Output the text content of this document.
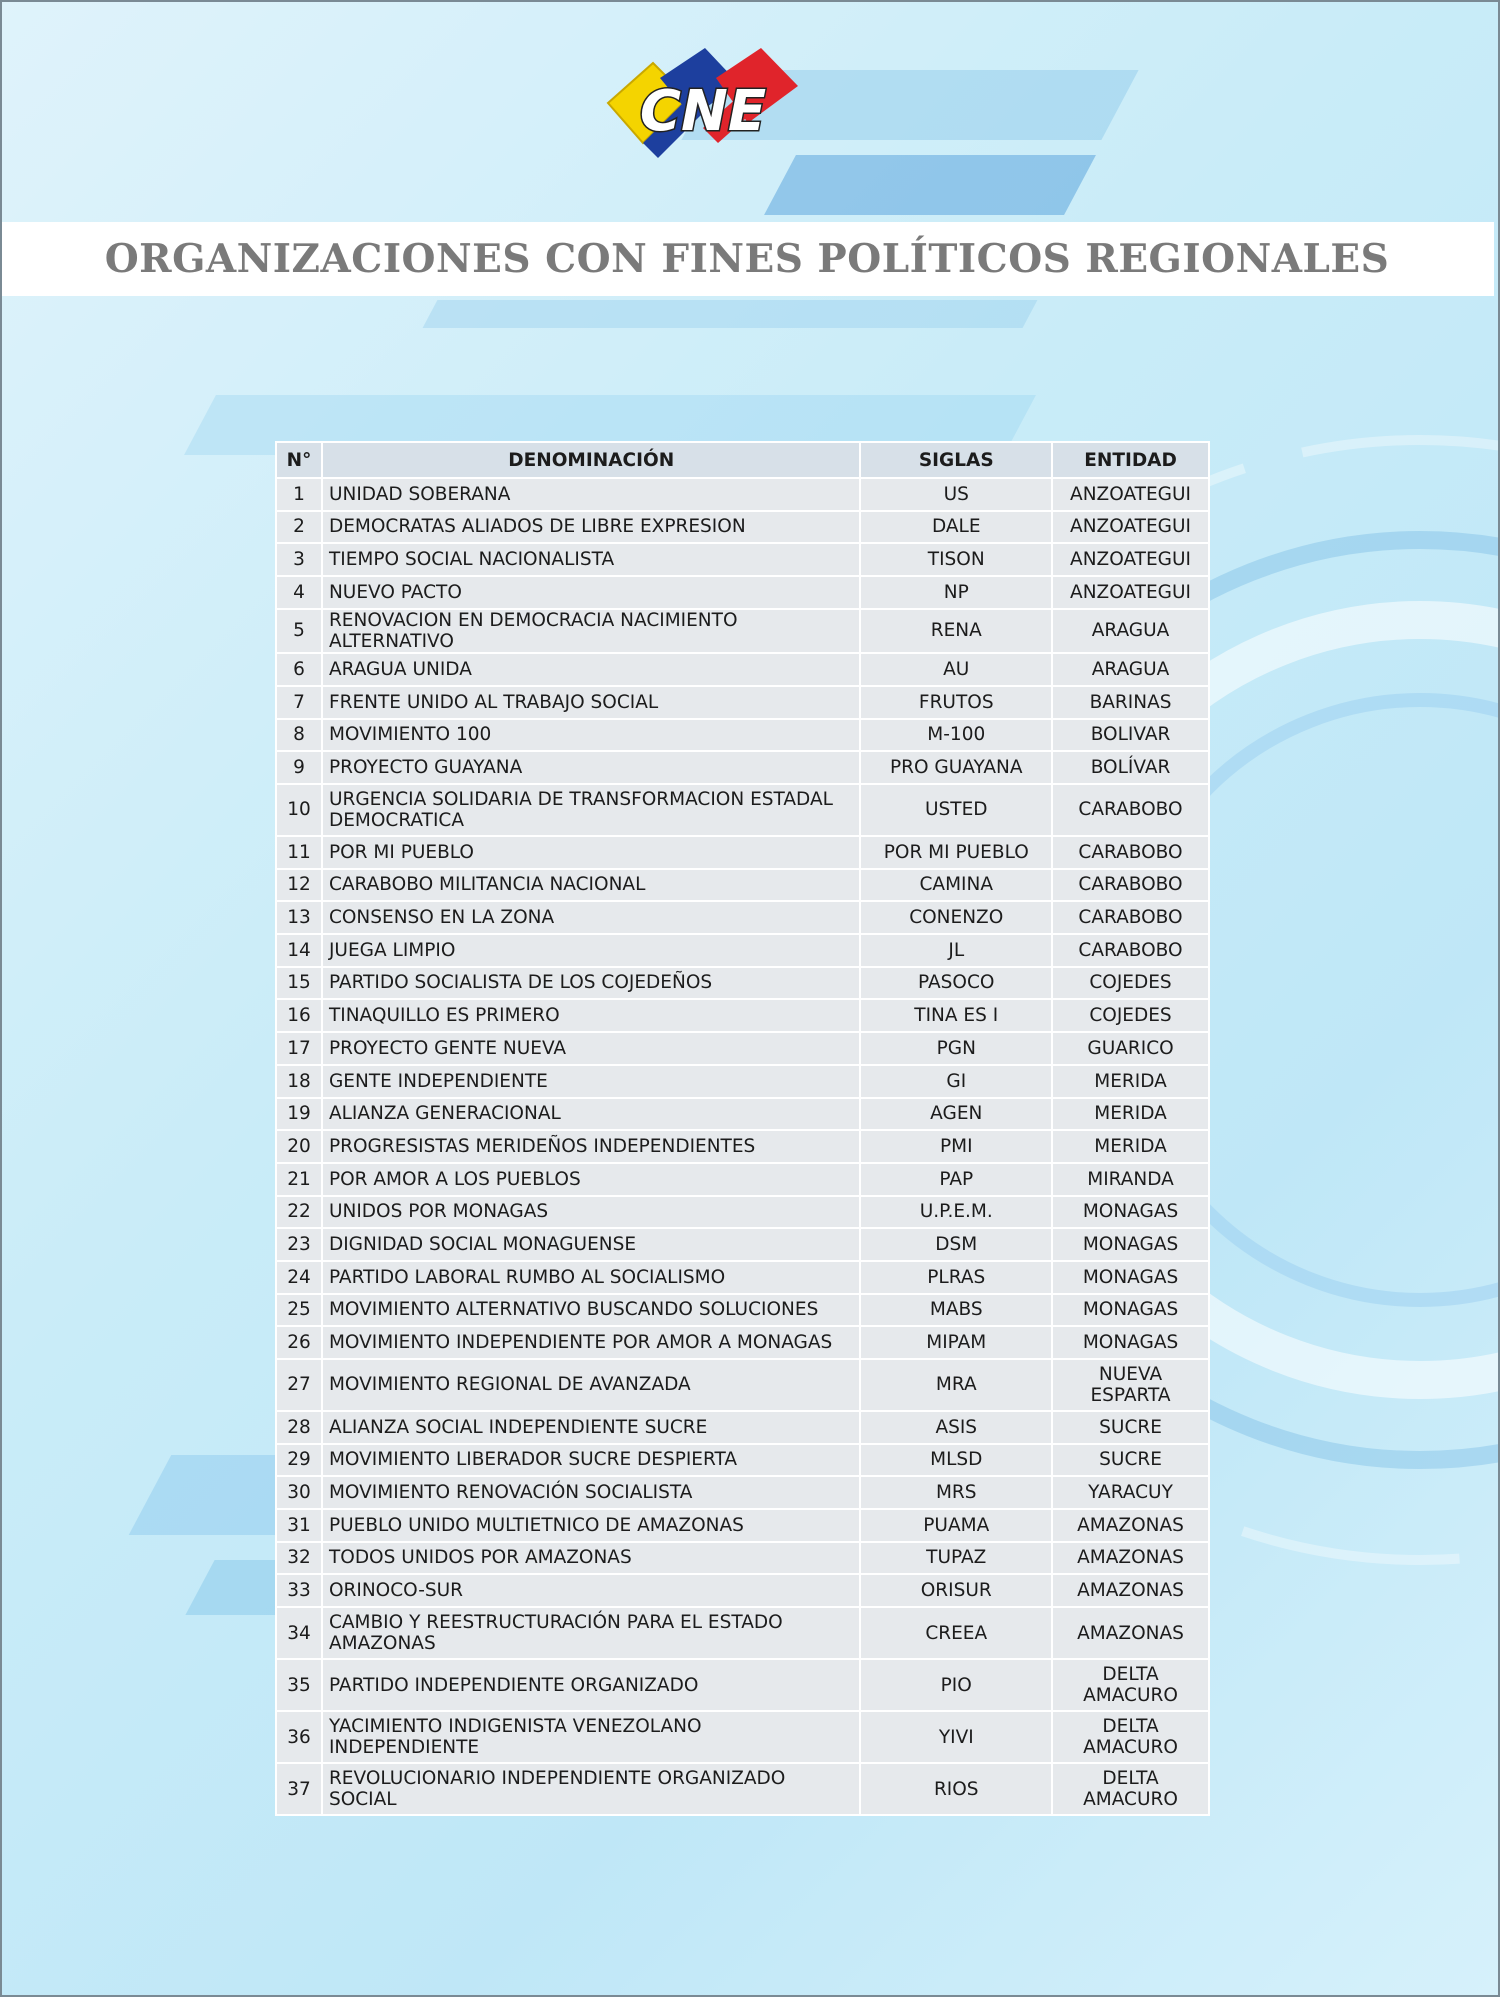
CNE
ORGANIZACIONES CON FINES POLÍTICOS REGIONALES
N°	DENOMINACIÓN	SIGLAS	ENTIDAD
1	UNIDAD SOBERANA	US	ANZOATEGUI
2	DEMOCRATAS ALIADOS DE LIBRE EXPRESION	DALE	ANZOATEGUI
3	TIEMPO SOCIAL NACIONALISTA	TISON	ANZOATEGUI
4	NUEVO PACTO	NP	ANZOATEGUI
5	RENOVACION EN DEMOCRACIA NACIMIENTO ALTERNATIVO	RENA	ARAGUA
6	ARAGUA UNIDA	AU	ARAGUA
7	FRENTE UNIDO AL TRABAJO SOCIAL	FRUTOS	BARINAS
8	MOVIMIENTO 100	M-100	BOLIVAR
9	PROYECTO GUAYANA	PRO GUAYANA	BOLÍVAR
10	URGENCIA SOLIDARIA DE TRANSFORMACION ESTADAL DEMOCRATICA	USTED	CARABOBO
11	POR MI PUEBLO	POR MI PUEBLO	CARABOBO
12	CARABOBO MILITANCIA NACIONAL	CAMINA	CARABOBO
13	CONSENSO EN LA ZONA	CONENZO	CARABOBO
14	JUEGA LIMPIO	JL	CARABOBO
15	PARTIDO SOCIALISTA DE LOS COJEDEÑOS	PASOCO	COJEDES
16	TINAQUILLO ES PRIMERO	TINA ES I	COJEDES
17	PROYECTO GENTE NUEVA	PGN	GUARICO
18	GENTE INDEPENDIENTE	GI	MERIDA
19	ALIANZA GENERACIONAL	AGEN	MERIDA
20	PROGRESISTAS MERIDEÑOS INDEPENDIENTES	PMI	MERIDA
21	POR AMOR A LOS PUEBLOS	PAP	MIRANDA
22	UNIDOS POR MONAGAS	U.P.E.M.	MONAGAS
23	DIGNIDAD SOCIAL MONAGUENSE	DSM	MONAGAS
24	PARTIDO LABORAL RUMBO AL SOCIALISMO	PLRAS	MONAGAS
25	MOVIMIENTO ALTERNATIVO BUSCANDO SOLUCIONES	MABS	MONAGAS
26	MOVIMIENTO INDEPENDIENTE POR AMOR A MONAGAS	MIPAM	MONAGAS
27	MOVIMIENTO REGIONAL DE AVANZADA	MRA	NUEVA ESPARTA
28	ALIANZA SOCIAL INDEPENDIENTE SUCRE	ASIS	SUCRE
29	MOVIMIENTO LIBERADOR SUCRE DESPIERTA	MLSD	SUCRE
30	MOVIMIENTO RENOVACIÓN SOCIALISTA	MRS	YARACUY
31	PUEBLO UNIDO MULTIETNICO DE AMAZONAS	PUAMA	AMAZONAS
32	TODOS UNIDOS POR AMAZONAS	TUPAZ	AMAZONAS
33	ORINOCO-SUR	ORISUR	AMAZONAS
34	CAMBIO Y REESTRUCTURACIÓN PARA EL ESTADO AMAZONAS	CREEA	AMAZONAS
35	PARTIDO INDEPENDIENTE ORGANIZADO	PIO	DELTA AMACURO
36	YACIMIENTO INDIGENISTA VENEZOLANO INDEPENDIENTE	YIVI	DELTA AMACURO
37	REVOLUCIONARIO INDEPENDIENTE ORGANIZADO SOCIAL	RIOS	DELTA AMACURO
